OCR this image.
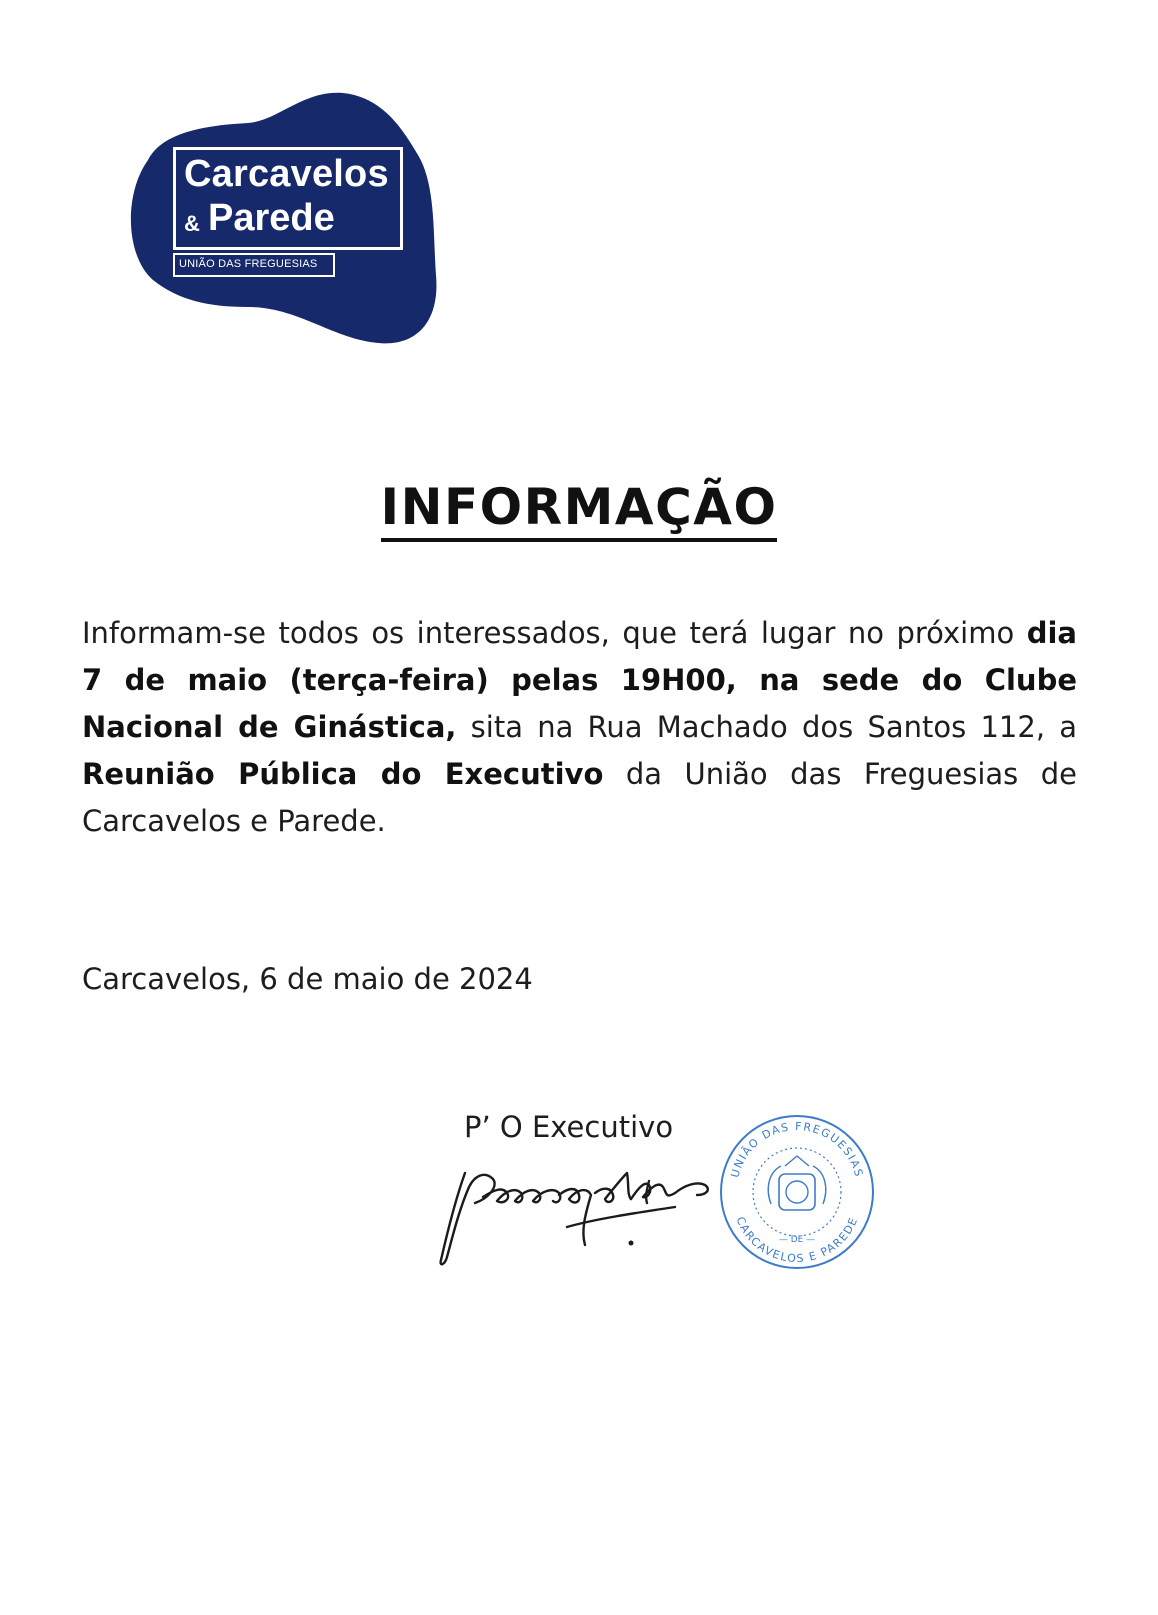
Carcavelos
& Parede
UNIÃO DAS FREGUESIAS
INFORMAÇÃO
Informam-se todos os interessados, que terá lugar no próximo dia 7 de maio (terça-feira) pelas 19H00, na sede do Clube Nacional de Ginástica, sita na Rua Machado dos Santos 112, a Reunião Pública do Executivo da União das Freguesias de Carcavelos e Parede.
Carcavelos, 6 de maio de 2024
P’ O Executivo
UNIÃO DAS FREGUESIAS
— DE —
CARCAVELOS E PAREDE
